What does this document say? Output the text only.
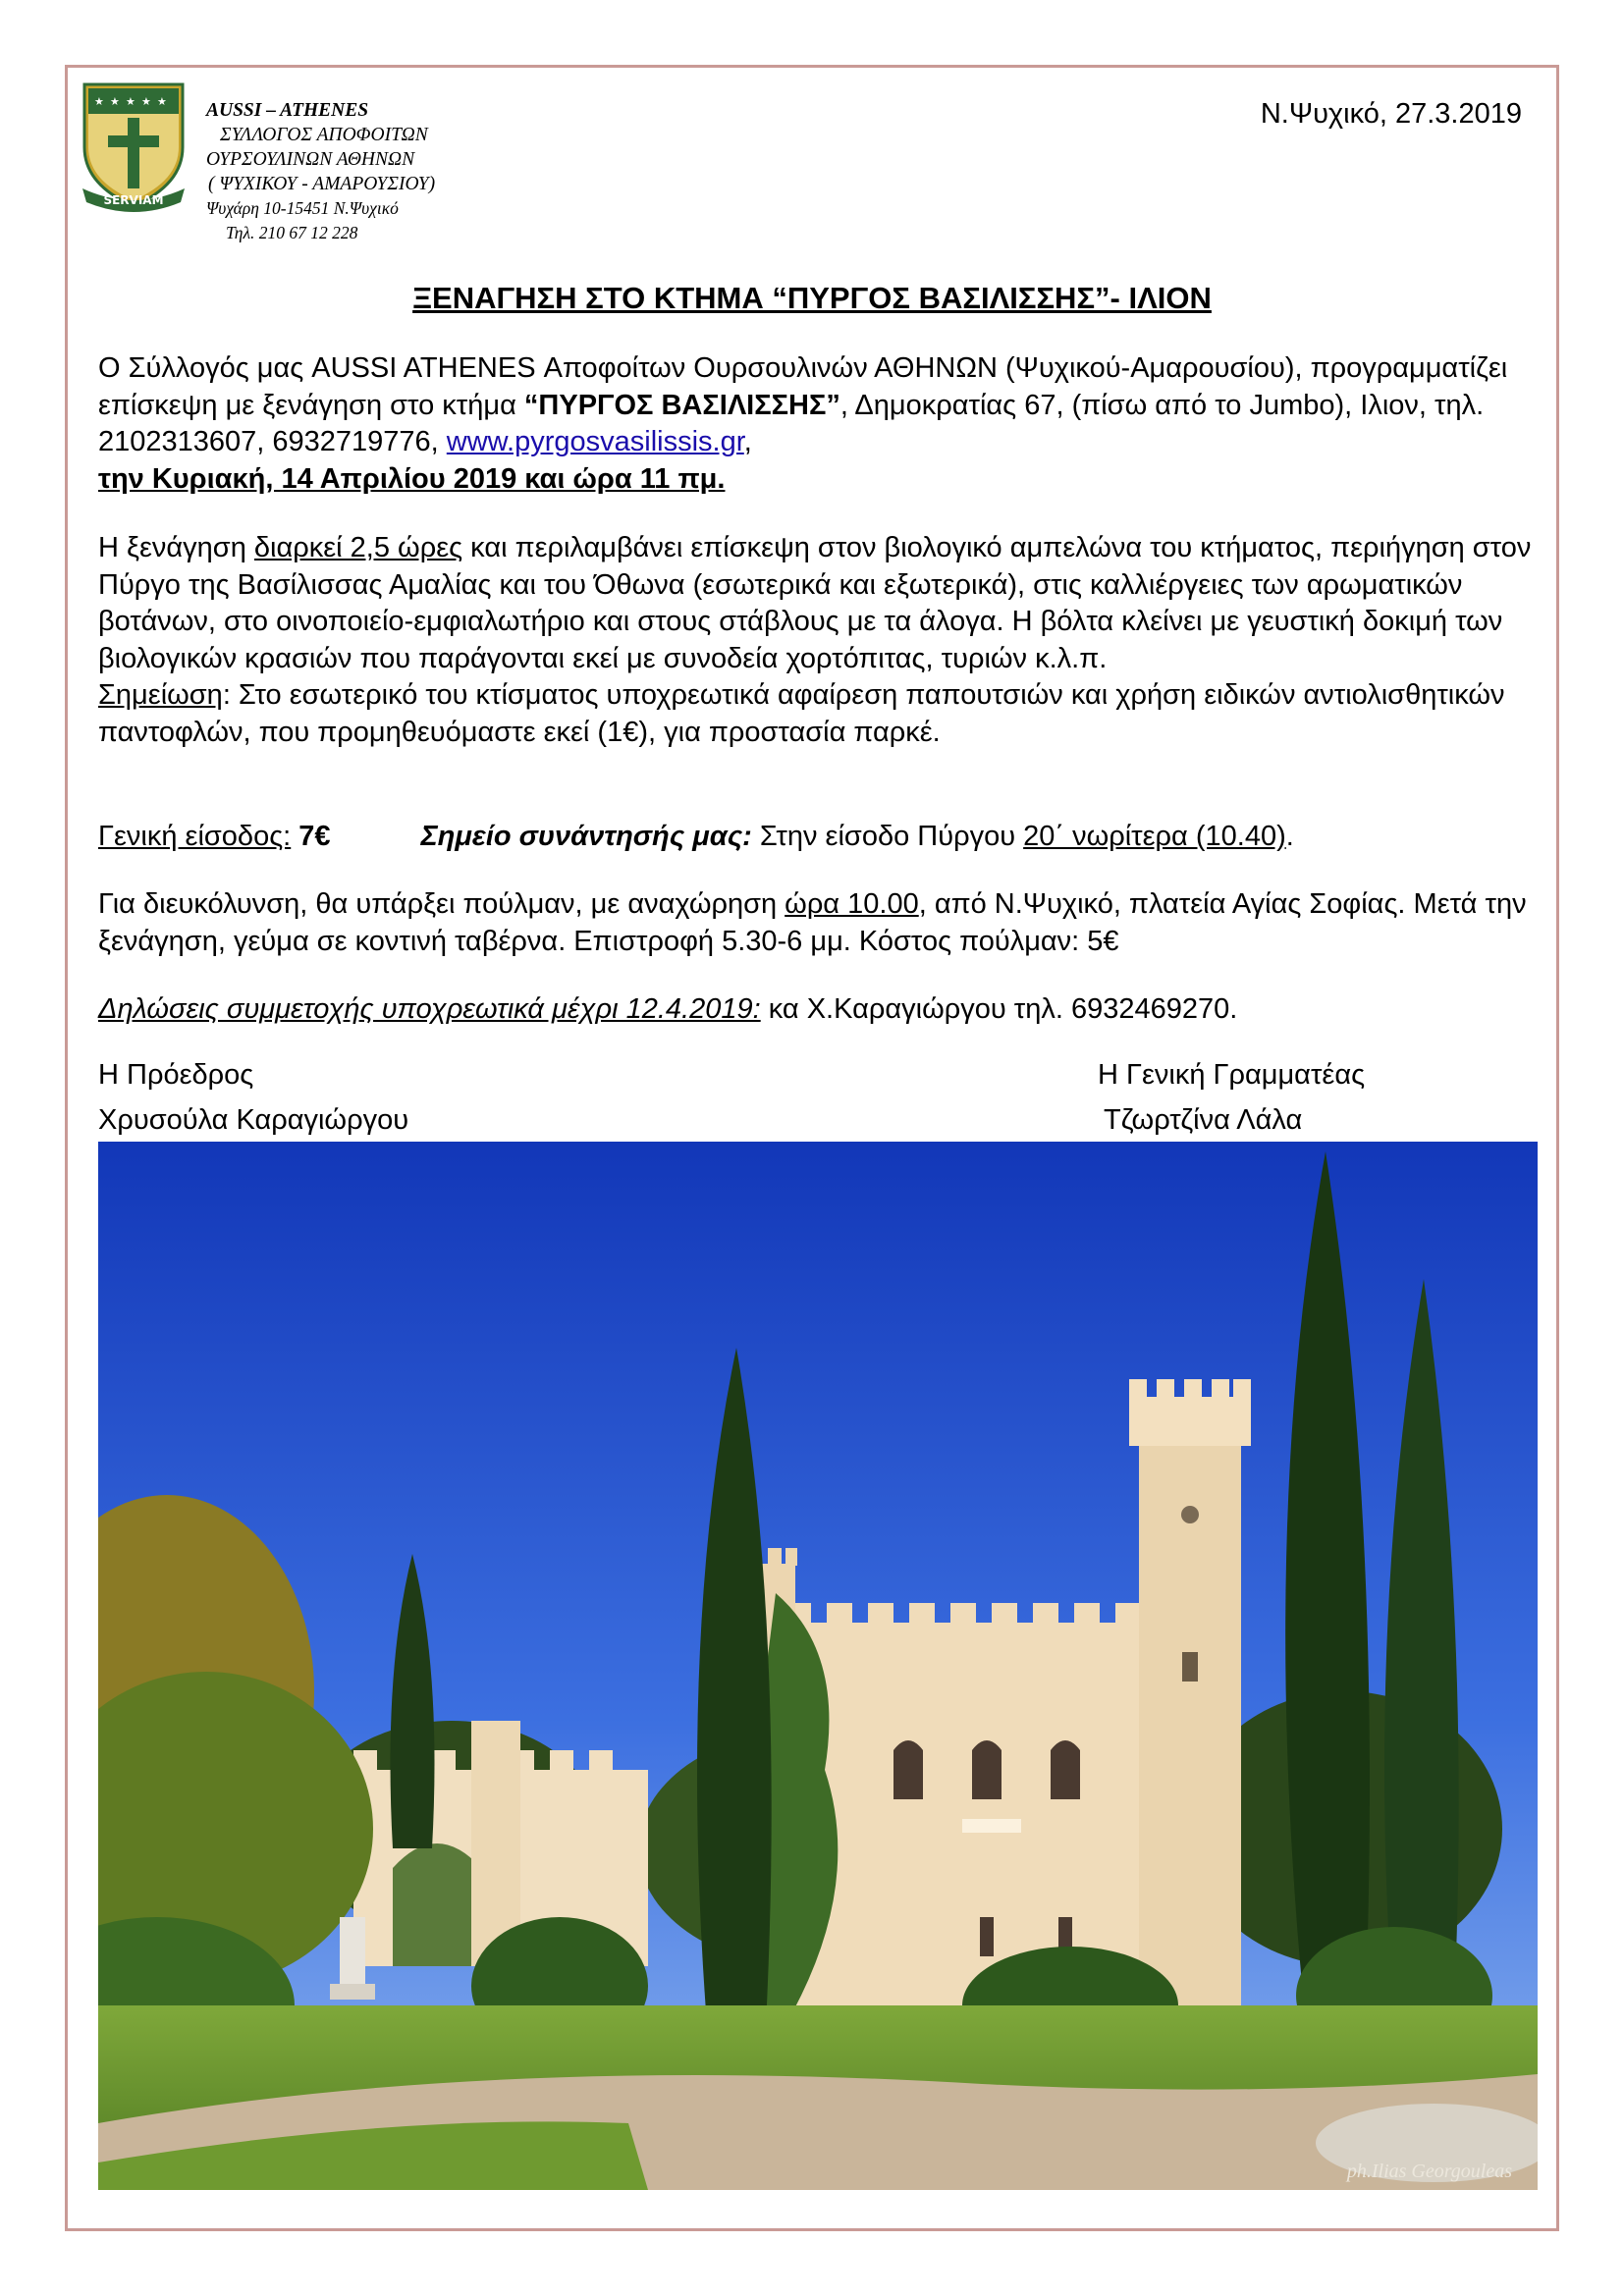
★ ★ ★ ★ ★
SERVIAM
AUSSI – ATHENES
ΣΥΛΛΟΓΟΣ ΑΠΟΦΟΙΤΩΝ
ΟΥΡΣΟΥΛΙΝΩΝ ΑΘΗΝΩΝ
( ΨΥΧΙΚΟΥ - ΑΜΑΡΟΥΣΙΟΥ)
Ψυχάρη 10-15451 Ν.Ψυχικό
Τηλ. 210 67 12 228
Ν.Ψυχικό, 27.3.2019
ΞΕΝΑΓΗΣΗ ΣΤΟ ΚΤΗΜΑ “ΠΥΡΓΟΣ ΒΑΣΙΛΙΣΣΗΣ”- ΙΛΙΟΝ

Ο Σύλλογός μας AUSSI ATHENES Αποφοίτων Ουρσουλινών ΑΘΗΝΩΝ (Ψυχικού-Αμαρουσίου), προγραμματίζει επίσκεψη με ξενάγηση στο κτήμα “ΠΥΡΓΟΣ ΒΑΣΙΛΙΣΣΗΣ”, Δημοκρατίας 67, (πίσω από το Jumbo), Ιλιον, τηλ. 2102313607, 6932719776, www.pyrgosvasilissis.gr,

την Κυριακή, 14 Απριλίου 2019 και ώρα 11 πμ.

Η ξενάγηση διαρκεί 2,5 ώρες και περιλαμβάνει επίσκεψη στον βιολογικό αμπελώνα του κτήματος, περιήγηση στον Πύργο της Βασίλισσας Αμαλίας και του Όθωνα (εσωτερικά και εξωτερικά), στις καλλιέργειες των αρωματικών βοτάνων, στο οινοποιείο-εμφιαλωτήριο και στους στάβλους με τα άλογα. Η βόλτα κλείνει με γευστική δοκιμή των βιολογικών κρασιών που παράγονται εκεί με συνοδεία χορτόπιτας, τυριών κ.λ.π.

Σημείωση: Στο εσωτερικό του κτίσματος υποχρεωτικά αφαίρεση παπουτσιών και χρήση ειδικών αντιολισθητικών παντοφλών, που προμηθευόμαστε εκεί (1€), για προστασία παρκέ.

Γενική είσοδος: 7€	Σημείο συνάντησής μας: Στην είσοδο Πύργου 20΄ νωρίτερα (10.40).

Για διευκόλυνση, θα υπάρξει πούλμαν, με αναχώρηση ώρα 10.00, από Ν.Ψυχικό, πλατεία Αγίας Σοφίας. Μετά την ξενάγηση, γεύμα σε κοντινή ταβέρνα. Επιστροφή 5.30-6 μμ. Κόστος πούλμαν: 5€

Δηλώσεις συμμετοχής υποχρεωτικά μέχρι 12.4.2019: κα Χ.Καραγιώργου τηλ. 6932469270.

Η Πρόεδρος
Χρυσούλα Καραγιώργου
Η Γενική Γραμματέας
Τζωρτζίνα Λάλα
ph.Ilias Georgouleas
